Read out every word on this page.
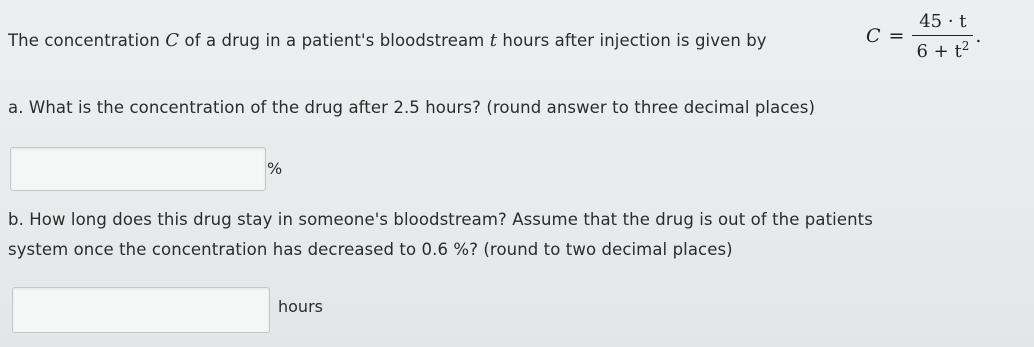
The concentration C of a drug in a patient's bloodstream t hours after injection is given by	$C = \frac{45 \cdot t}{6 + t^2}$ .
a. What is the concentration of the drug after 2.5 hours? (round answer to three decimal places)
%
b. How long does this drug stay in someone's bloodstream? Assume that the drug is out of the patients
system once the concentration has decreased to 0.6 %? (round to two decimal places)
hours
